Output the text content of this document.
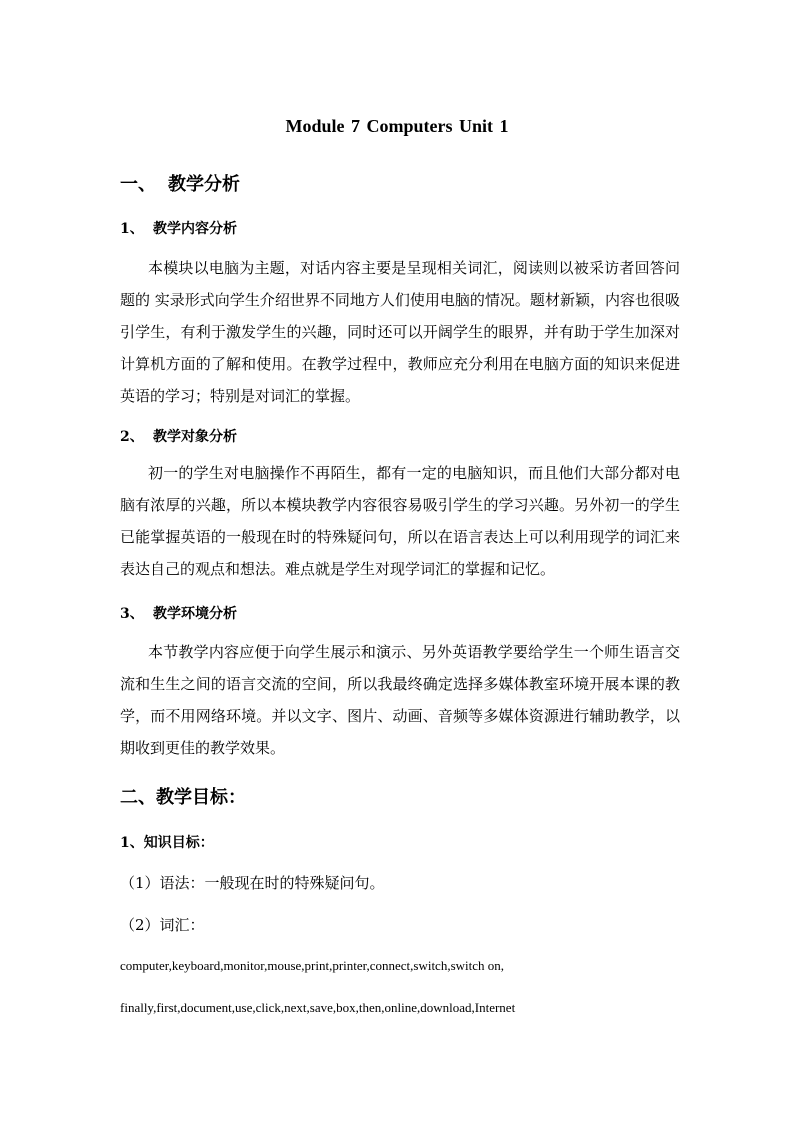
Module 7 Computers Unit 1
一、 教学分析
1、 教学内容分析
本模块以电脑为主题，对话内容主要是呈现相关词汇，阅读则以被采访者回答问题的 实录形式向学生介绍世界不同地方人们使用电脑的情况。题材新颖，内容也很吸引学生，有利于激发学生的兴趣，同时还可以开阔学生的眼界，并有助于学生加深对计算机方面的了解和使用。在教学过程中，教师应充分利用在电脑方面的知识来促进英语的学习；特别是对词汇的掌握。
2、 教学对象分析
初一的学生对电脑操作不再陌生，都有一定的电脑知识，而且他们大部分都对电脑有浓厚的兴趣，所以本模块教学内容很容易吸引学生的学习兴趣。另外初一的学生已能掌握英语的一般现在时的特殊疑问句，所以在语言表达上可以利用现学的词汇来表达自己的观点和想法。难点就是学生对现学词汇的掌握和记忆。
3、 教学环境分析
本节教学内容应便于向学生展示和演示、另外英语教学要给学生一个师生语言交流和生生之间的语言交流的空间，所以我最终确定选择多媒体教室环境开展本课的教学，而不用网络环境。并以文字、图片、动画、音频等多媒体资源进行辅助教学，以期收到更佳的教学效果。
二、教学目标：
1、知识目标：
（1）语法：一般现在时的特殊疑问句。
（2）词汇：
computer,keyboard,monitor,mouse,print,printer,connect,switch,switch on,
finally,first,document,use,click,next,save,box,then,online,download,Internet
